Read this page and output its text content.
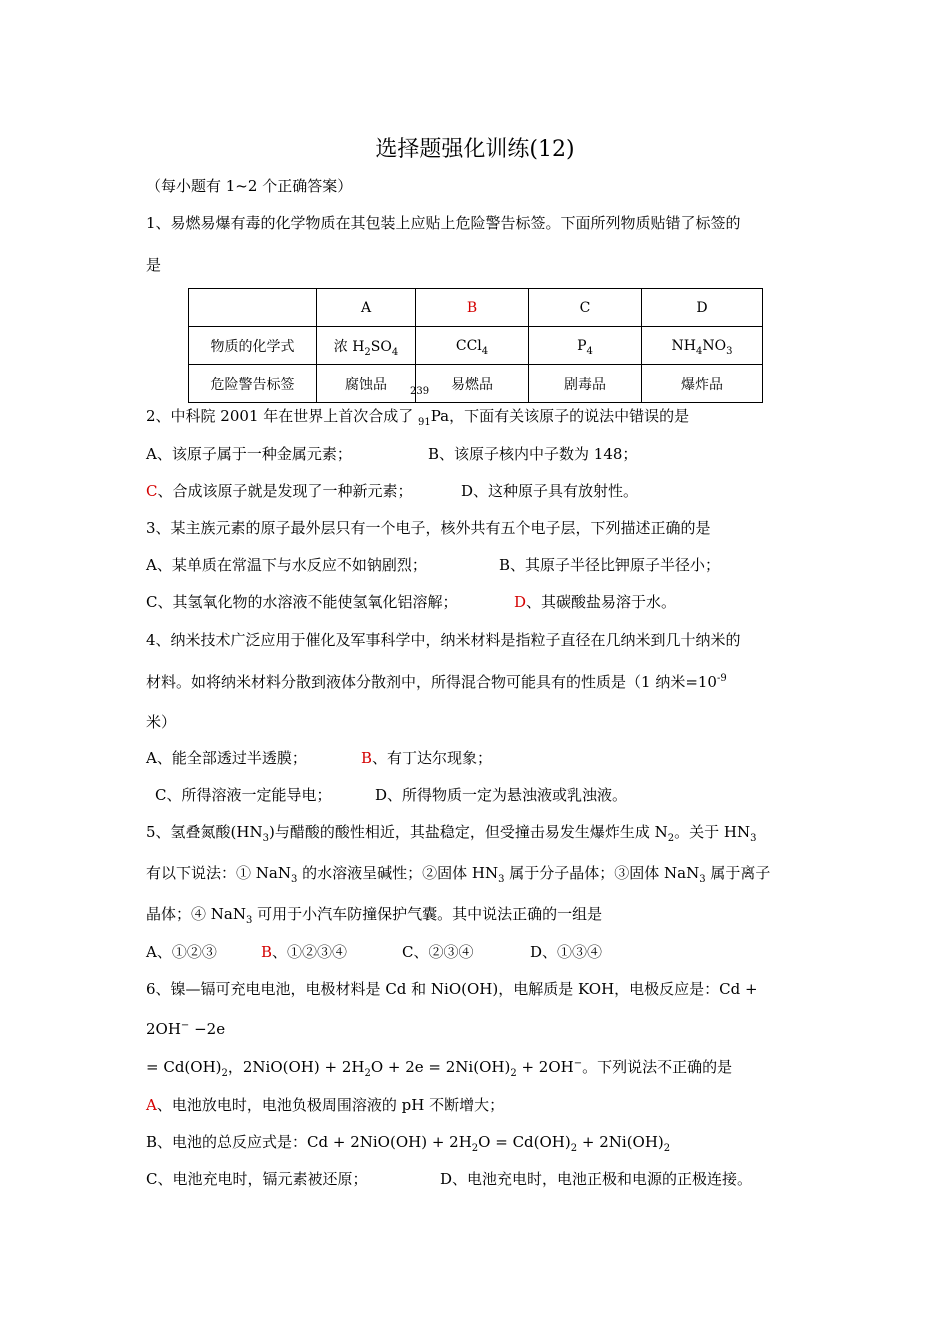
选择题强化训练(12)
（每小题有 1~2 个正确答案）
1、易燃易爆有毒的化学物质在其包装上应贴上危险警告标签。下面所列物质贴错了标签的
是
	A	B	C	D
物质的化学式	浓 $H_2SO_4$	CCl$_4$	$P_4$	$NH_4NO_3$
危险警告标签	腐蚀品	易燃品	剧毒品	爆炸品
239
2、中科院 2001 年在世界上首次合成了 $_{91}$Pa，下面有关该原子的说法中错误的是
A、该原子属于一种金属元素；	B、该原子核内中子数为 148；
C、合成该原子就是发现了一种新元素；	D、这种原子具有放射性。
3、某主族元素的原子最外层只有一个电子，核外共有五个电子层，下列描述正确的是
A、某单质在常温下与水反应不如钠剧烈；	B、其原子半径比钾原子半径小；
C、其氢氧化物的水溶液不能使氢氧化铝溶解；	D、其碳酸盐易溶于水。
4、纳米技术广泛应用于催化及军事科学中，纳米材料是指粒子直径在几纳米到几十纳米的
材料。如将纳米材料分散到液体分散剂中，所得混合物可能具有的性质是（1 纳米$=10^{-9}$
米）
A、能全部透过半透膜；	B、有丁达尔现象；
C、所得溶液一定能导电；	D、所得物质一定为悬浊液或乳浊液。
5、氢叠氮酸$(HN_3)$与醋酸的酸性相近，其盐稳定，但受撞击易发生爆炸生成 $N_2$。关于 $HN_3$
有以下说法：① NaN$_3$ 的水溶液呈碱性；②固体 $HN_3$ 属于分子晶体；③固体 NaN$_3$ 属于离子
晶体；④ NaN$_3$ 可用于小汽车防撞保护气囊。其中说法正确的一组是
A、①②③	B、①②③④	C、②③④	D、①③④
6、镍—镉可充电电池，电极材料是 Cd 和 NiO(OH)，电解质是 KOH，电极反应是：Cd +
2OH− −2e
= $Cd(OH)_2$，$2NiO(OH) + 2H_2O + 2e = 2Ni(OH)_2 + 2OH^-$。下列说法不正确的是
A、电池放电时，电池负极周围溶液的 pH 不断增大；
B、电池的总反应式是：$Cd + 2NiO(OH) + 2H_2O = Cd(OH)_2 + 2Ni(OH)_2$
C、电池充电时，镉元素被还原；	D、电池充电时，电池正极和电源的正极连接。
